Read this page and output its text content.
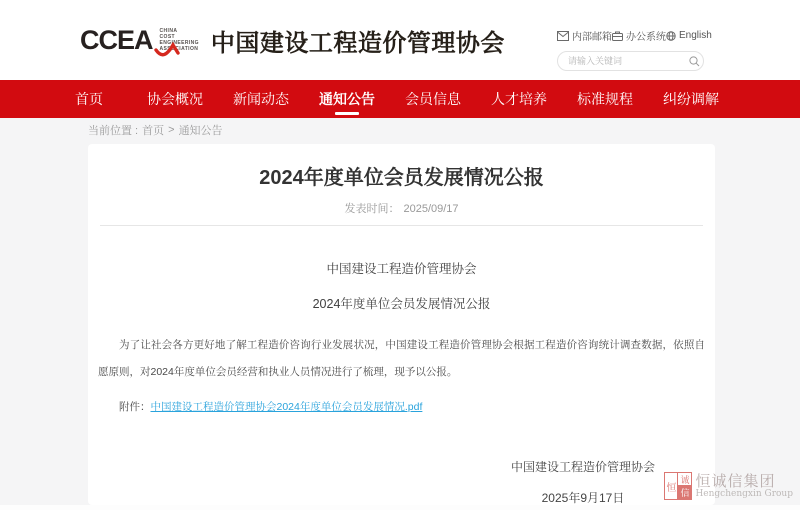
CCEA CHINA
COST
ENGINEERING
ASSOCIATION 中国建设工程造价管理协会	内部邮箱 办公系统 English
请输入关键词
首页	协会概况	新闻动态	通知公告	会员信息	人才培养	标准规程	纠纷调解
当前位置 : 首页 > 通知公告
2024年度单位会员发展情况公报
发表时间： 2025/09/17
中国建设工程造价管理协会
2024年度单位会员发展情况公报

为了让社会各方更好地了解工程造价咨询行业发展状况，中国建设工程造价管理协会根据工程造价咨询统计调查数据，依照自愿原则，对2024年度单位会员经营和执业人员情况进行了梳理，现予以公报。

附件：中国建设工程造价管理协会2024年度单位会员发展情况.pdf
中国建设工程造价管理协会
2025年9月17日
恒
诚
信
恒诚信集团
Hengchengxin Group
